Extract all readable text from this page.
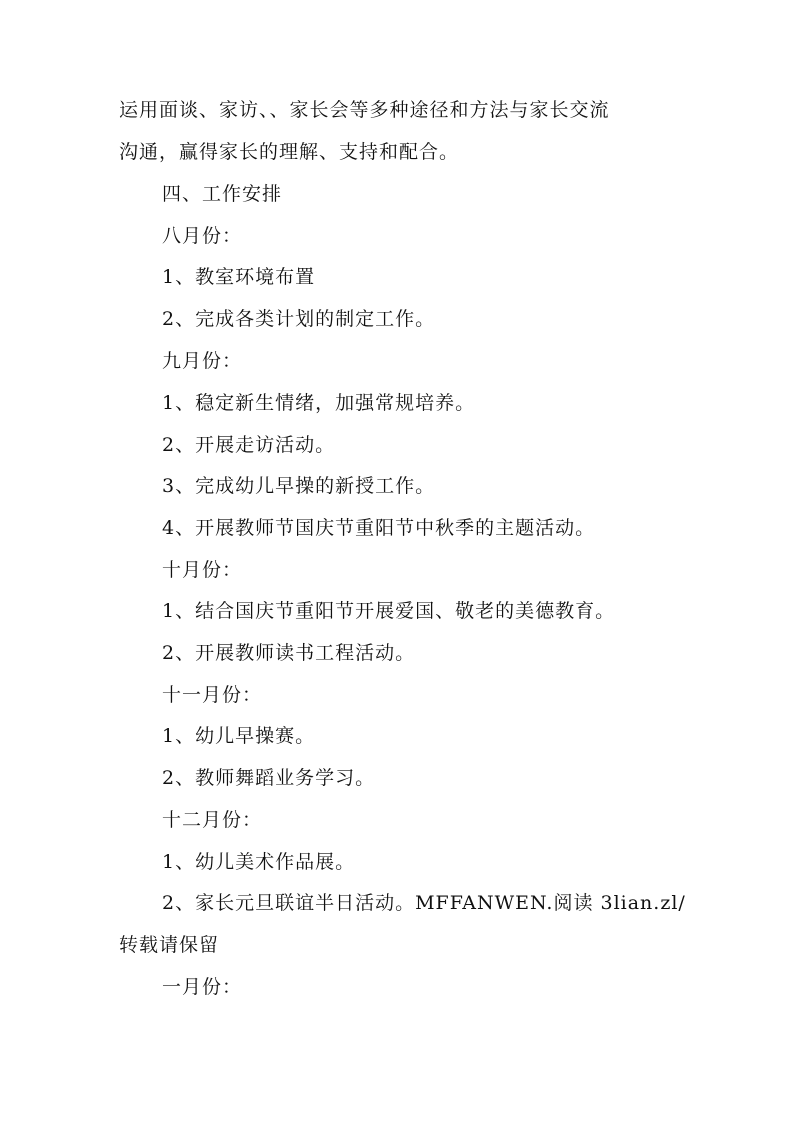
运用面谈、家访、、家长会等多种途径和方法与家长交流
沟通，赢得家长的理解、支持和配合。
四、工作安排
八月份：
1、教室环境布置
2、完成各类计划的制定工作。
九月份：
1、稳定新生情绪，加强常规培养。
2、开展走访活动。
3、完成幼儿早操的新授工作。
4、开展教师节国庆节重阳节中秋季的主题活动。
十月份：
1、结合国庆节重阳节开展爱国、敬老的美德教育。
2、开展教师读书工程活动。
十一月份：
1、幼儿早操赛。
2、教师舞蹈业务学习。
十二月份：
1、幼儿美术作品展。
2、家长元旦联谊半日活动。MFFANWEN.阅读 3lian.zl/
转载请保留
一月份：
